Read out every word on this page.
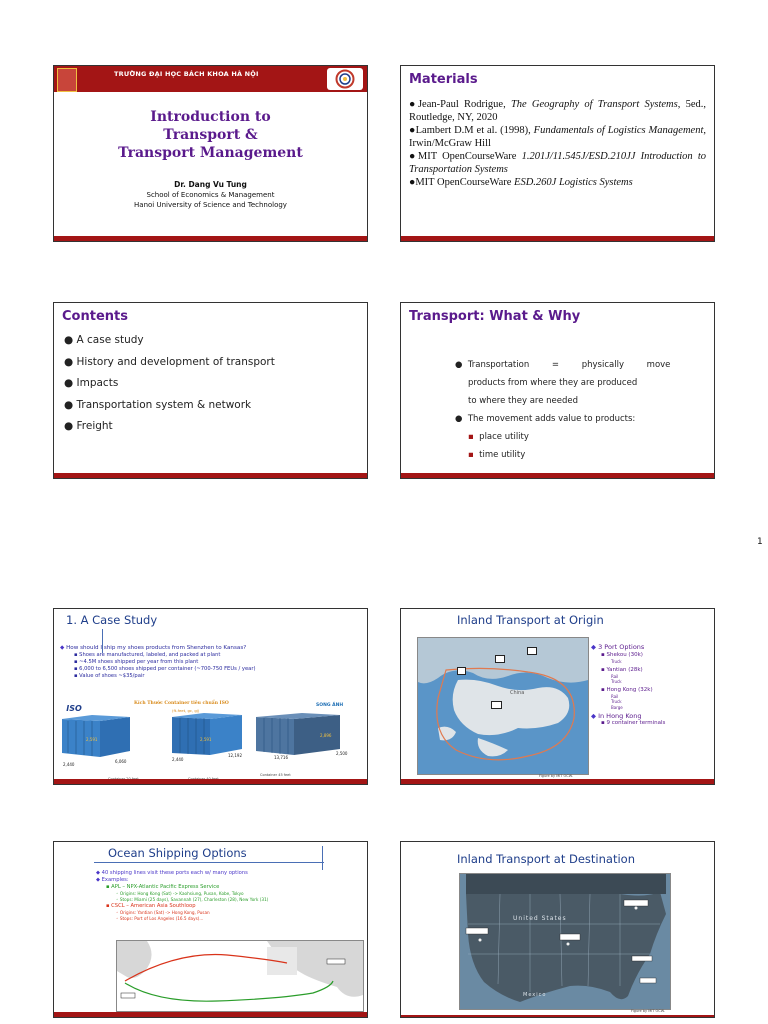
TRƯỜNG ĐẠI HỌC BÁCH KHOA HÀ NỘI
Introduction to
Transport &
Transport Management
Dr. Dang Vu Tung
School of Economics & Management
Hanoi University of Science and Technology
Materials

●Jean-Paul Rodrigue, The Geography of Transport Systems, 5ed., Routledge, NY, 2020

●Lambert D.M et al. (1998), Fundamentals of Logistics Management, Irwin/McGraw Hill

●MIT OpenCourseWare 1.201J/11.545J/ESD.210JJ Introduction to Transportation Systems

●MIT OpenCourseWare ESD.260J Logistics Systems

Contents
● A case study
● History and development of transport
● Impacts
● Transportation system & network
● Freight
Transport: What & Why
●  Transportation = physically move
products from where they are produced
to where they are needed
●  The movement adds value to products:
▪ place utility
▪ time utility
1
1. A Case Study
◆ How should I ship my shoes products from Shenzhen to Kansas?
▪ Shoes are manufactured, labeled, and packed at plant
▪ ~4.5M shoes shipped per year from this plant
▪ 6,000 to 6,500 shoes shipped per container (~700-750 FEUs / year)
▪ Value of shoes ~$35/pair
ISO
Kích Thước Container tiêu chuẩn ISO
(ft-feet, gc, gj)
SONG ÁNH
2,591
6,060
2,440
2,591
12,192
2,440
2,896
13,716
2,500
Container 45 feet
Inland Transport at Origin
China

Figure by MIT OCW.
◆ 3 Port Options
▪ Shekou (30k)
Truck
▪ Yantian (28k)
Rail
Truck
▪ Hong Kong (32k)
Rail
Truck
Barge
◆ In Hong Kong
▪ 9 container terminals
Ocean Shipping Options
◆ 40 shipping lines visit these ports each w/ many options
◆ Examples:
▪ APL – NPX-Atlantic Pacific Express Service
◦ Origins: Hong Kong (Sat) -> Kaohsiung, Pusan, Kobe, Tokyo
◦ Stops: Miami (25 days), Savannah (27), Charleston (28), New York (31)
▪ CSCL – American Asia Southloop
◦ Origins: Yantian (Sat) -> Hong Kong, Pusan
◦ Stops: Port of Los Angeles (16.5 days)...
Inland Transport at Destination
United States
Mexico
Figure by MIT OCW.
